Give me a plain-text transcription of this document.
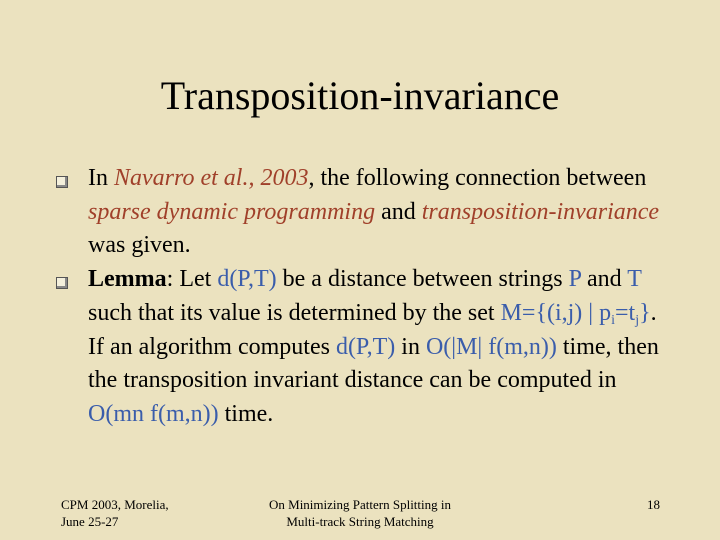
Transposition-invariance
In Navarro et al., 2003, the following connection between sparse dynamic programming and transposition-invariance was given.
Lemma: Let d(P,T) be a distance between strings P and T such that its value is determined by the set M={(i,j) | $p_i=t_j$}. If an algorithm computes d(P,T) in O(|M| f(m,n)) time, then the transposition invariant distance can be computed in O(mn f(m,n)) time.
CPM 2003, Morelia,
June 25-27
On Minimizing Pattern Splitting in
Multi-track String Matching
18
